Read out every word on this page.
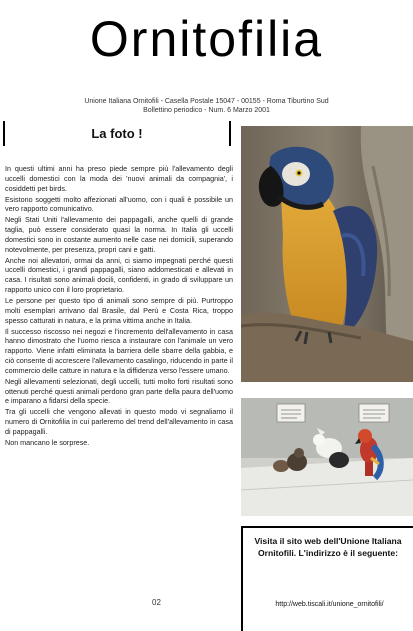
Ornitofilia
Unione Italiana Ornitofili - Casella Postale 15047 - 00155 - Roma Tiburtino Sud
Bollettino periodico - Num. 6 Marzo 2001
La foto !

In questi ultimi anni ha preso piede sempre più l'allevamento degli uccelli domestici con la moda dei 'nuovi animali da compagnia', i cosiddetti pet birds.

Esistono soggetti molto affezionati all'uomo, con i quali è possibile un vero rapporto comunicativo.

Negli Stati Uniti l'allevamento dei pappagalli, anche quelli di grande taglia, può essere considerato quasi la norma. In Italia gli uccelli domestici sono in costante aumento nelle case nei domicili, superando notevolmente, per presenza, propri cani e gatti.

Anche noi allevatori, ormai da anni, ci siamo impegnati perché questi uccelli domestici, i grandi pappagalli, siano addomesticati e allevati in casa. I risultati sono animali docili, confidenti, in grado di sviluppare un rapporto unico con il loro proprietario.

Le persone per questo tipo di animali sono sempre di più. Purtroppo molti esemplari arrivano dal Brasile, dal Perù e Costa Rica, troppo spesso catturati in natura, e la prima vittima anche in Italia.

Il successo riscosso nei negozi e l'incremento dell'allevamento in casa hanno dimostrato che l'uomo riesca a instaurare con l'animale un vero rapporto. Viene infatti eliminata la barriera delle sbarre della gabbia, e ciò consente di accrescere l'allevamento casalingo, riducendo in parte il commercio delle catture in natura e la diffidenza verso l'essere umano.

Negli allevamenti selezionati, degli uccelli, tutti molto forti risultati sono ottenuti perché questi animali perdono gran parte della paura dell'uomo e imparano a fidarsi della specie.

Tra gli uccelli che vengono allevati in questo modo vi segnaliamo il numero di Ornitofilia in cui parleremo del trend dell'allevamento in casa di pappagalli.

Non mancano le sorprese.

Visita il sito web dell'Unione Italiana Ornitofili. L'indirizzo è il seguente:
http://web.tiscali.it/unione_ornitofili/
02
